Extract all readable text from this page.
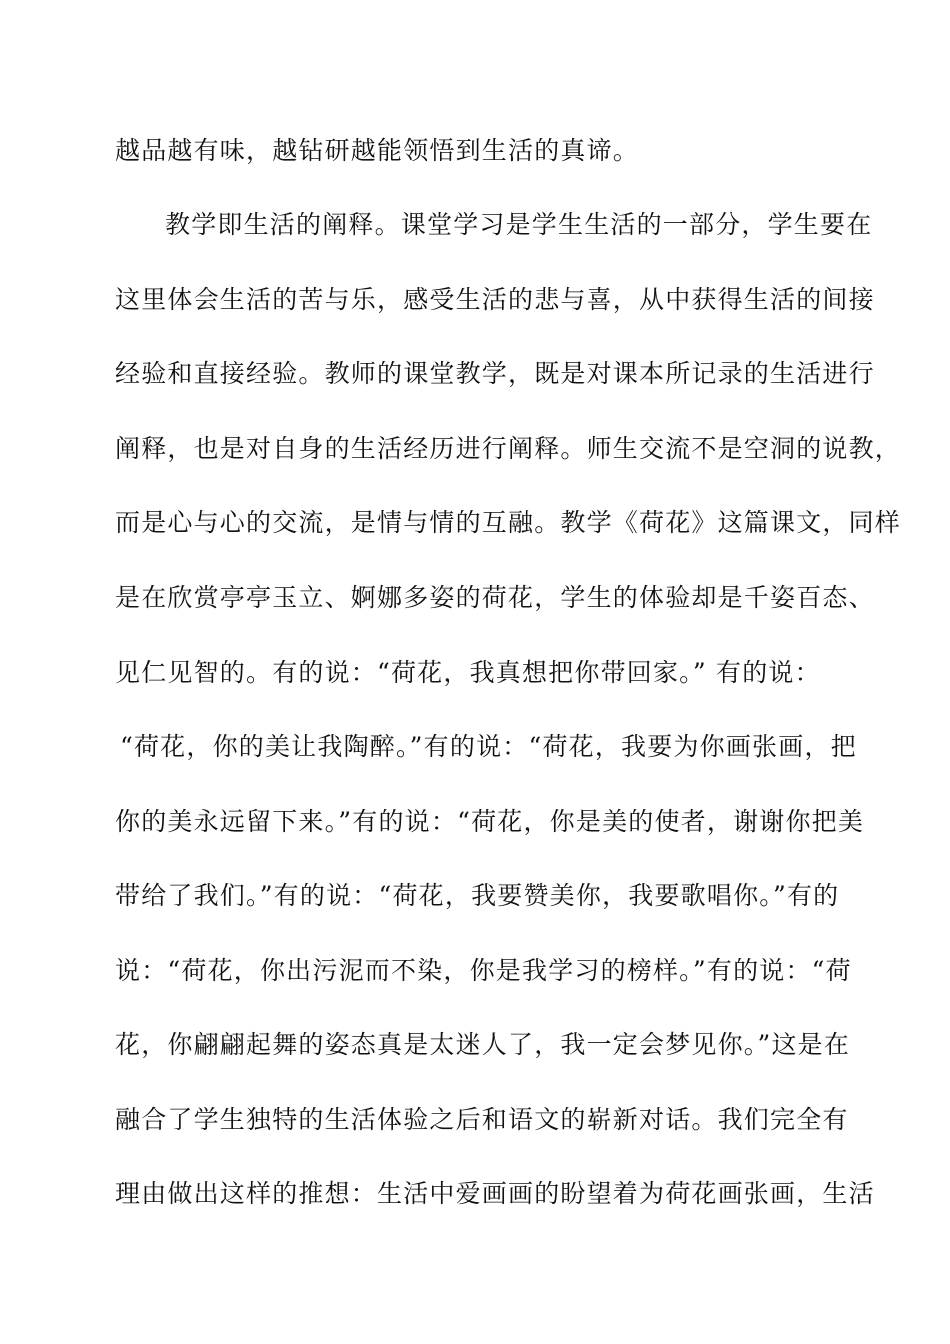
越品越有味，越钻研越能领悟到生活的真谛。
教学即生活的阐释。课堂学习是学生生活的一部分，学生要在
这里体会生活的苦与乐，感受生活的悲与喜，从中获得生活的间接
经验和直接经验。教师的课堂教学，既是对课本所记录的生活进行
阐释，也是对自身的生活经历进行阐释。师生交流不是空洞的说教，
而是心与心的交流，是情与情的互融。教学《荷花》这篇课文，同样
是在欣赏亭亭玉立、婀娜多姿的荷花，学生的体验却是千姿百态、
见仁见智的。有的说：“荷花，我真想把你带回家。” 有的说：
“荷花，你的美让我陶醉。”有的说：“荷花，我要为你画张画，把
你的美永远留下来。”有的说：“荷花，你是美的使者，谢谢你把美
带给了我们。”有的说：“荷花，我要赞美你，我要歌唱你。”有的
说：“荷花，你出污泥而不染，你是我学习的榜样。”有的说：“荷
花，你翩翩起舞的姿态真是太迷人了，我一定会梦见你。”这是在
融合了学生独特的生活体验之后和语文的崭新对话。我们完全有
理由做出这样的推想：生活中爱画画的盼望着为荷花画张画，生活
